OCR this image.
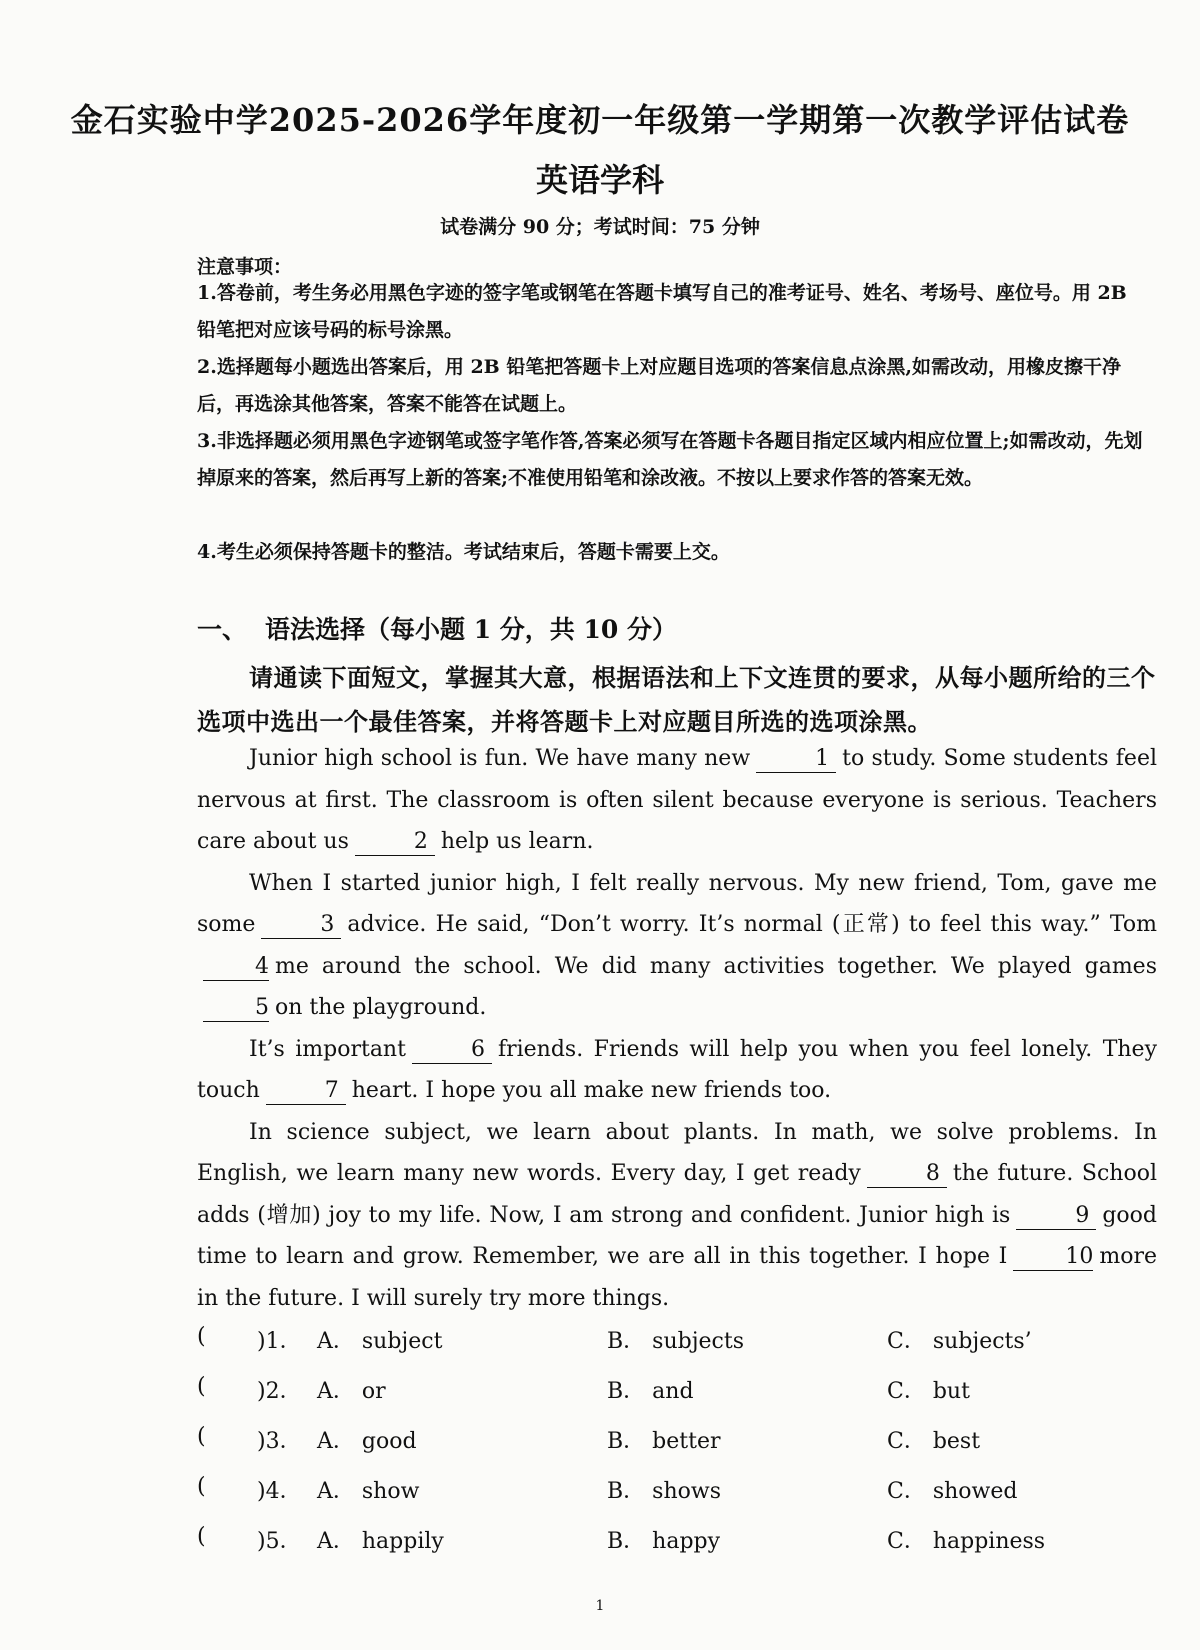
金石实验中学2025-2026学年度初一年级第一学期第一次教学评估试卷
英语学科
试卷满分 90 分；考试时间：75 分钟
注意事项：
1.答卷前，考生务必用黑色字迹的签字笔或钢笔在答题卡填写自己的准考证号、姓名、考场号、座位号。用 2B 铅笔把对应该号码的标号涂黑。
2.选择题每小题选出答案后，用 2B 铅笔把答题卡上对应题目选项的答案信息点涂黑,如需改动，用橡皮擦干净后，再选涂其他答案，答案不能答在试题上。
3.非选择题必须用黑色字迹钢笔或签字笔作答,答案必须写在答题卡各题目指定区域内相应位置上;如需改动，先划掉原来的答案，然后再写上新的答案;不准使用铅笔和涂改液。不按以上要求作答的答案无效。
4.考生必须保持答题卡的整洁。考试结束后，答题卡需要上交。
一、 语法选择（每小题 1 分，共 10 分）
请通读下面短文，掌握其大意，根据语法和上下文连贯的要求，从每小题所给的三个选项中选出一个最佳答案，并将答题卡上对应题目所选的选项涂黑。

Junior high school is fun. We have many new	1 to study. Some students feel nervous at first. The classroom is often silent because everyone is serious. Teachers care about us	2 help us learn.

When I started junior high, I felt really nervous. My new friend, Tom, gave me some	3 advice. He said, “Don’t worry. It’s normal (正常) to feel this way.” Tom4 me around the school. We did many activities together. We played games5 on the playground.

It’s important	6 friends. Friends will help you when you feel lonely. They touch	7 heart. I hope you all make new friends too.

In science subject, we learn about plants. In math, we solve problems. In English, we learn many new words. Every day, I get ready	8 the future. School adds (增加) joy to my life. Now, I am strong and confident. Junior high is	9 good time to learn and grow. Remember, we are all in this together. I hope I	10 more in the future. I will surely try more things.

( )1． A． subject	B． subjects	C． subjects’
( )2． A． or	B． and	C． but
( )3． A． good	B． better	C． best
( )4． A． show	B． shows	C． showed
( )5． A． happily	B． happy	C． happiness
1
